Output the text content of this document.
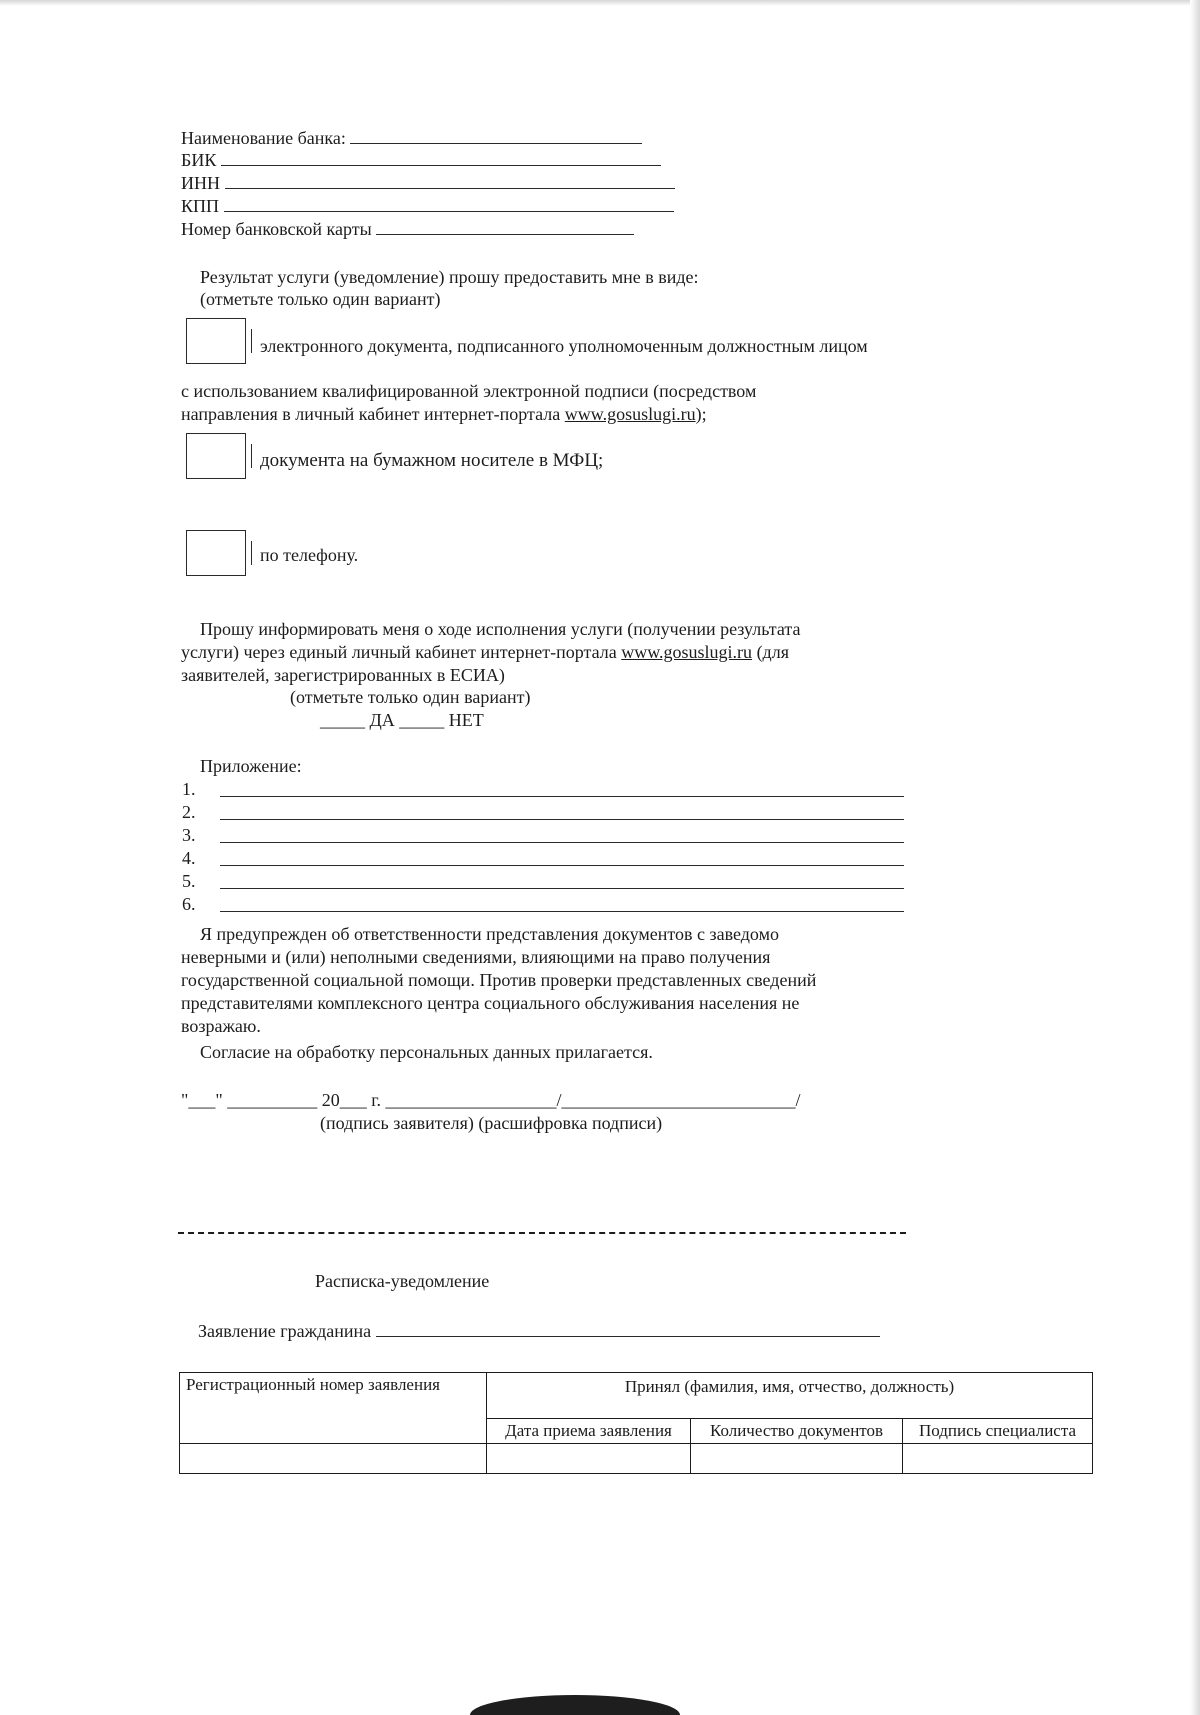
Наименование банка:
БИК
ИНН
КПП
Номер банковской карты
Результат услуги (уведомление) прошу предоставить мне в виде:
(отметьте только один вариант)
электронного документа, подписанного уполномоченным должностным лицом
с использованием квалифицированной электронной подписи (посредством
направления в личный кабинет интернет-портала www.gosuslugi.ru);
документа на бумажном носителе в МФЦ;
по телефону.
Прошу информировать меня о ходе исполнения услуги (получении результата
услуги) через единый личный кабинет интернет-портала www.gosuslugi.ru (для
заявителей, зарегистрированных в ЕСИА)
(отметьте только один вариант)
_____ ДА _____ НЕТ
Приложение:
1.
2.
3.
4.
5.
6.
Я предупрежден об ответственности представления документов с заведомо
неверными и (или) неполными сведениями, влияющими на право получения
государственной социальной помощи. Против проверки представленных сведений
представителями комплексного центра социального обслуживания населения не
возражаю.
Согласие на обработку персональных данных прилагается.
"___" __________ 20___ г. ___________________/__________________________/
(подпись заявителя) (расшифровка подписи)
Расписка-уведомление
Заявление гражданина
Регистрационный номер заявления	Принял (фамилия, имя, отчество, должность)		
	Дата приема заявления	Количество документов	Подпись специалиста
